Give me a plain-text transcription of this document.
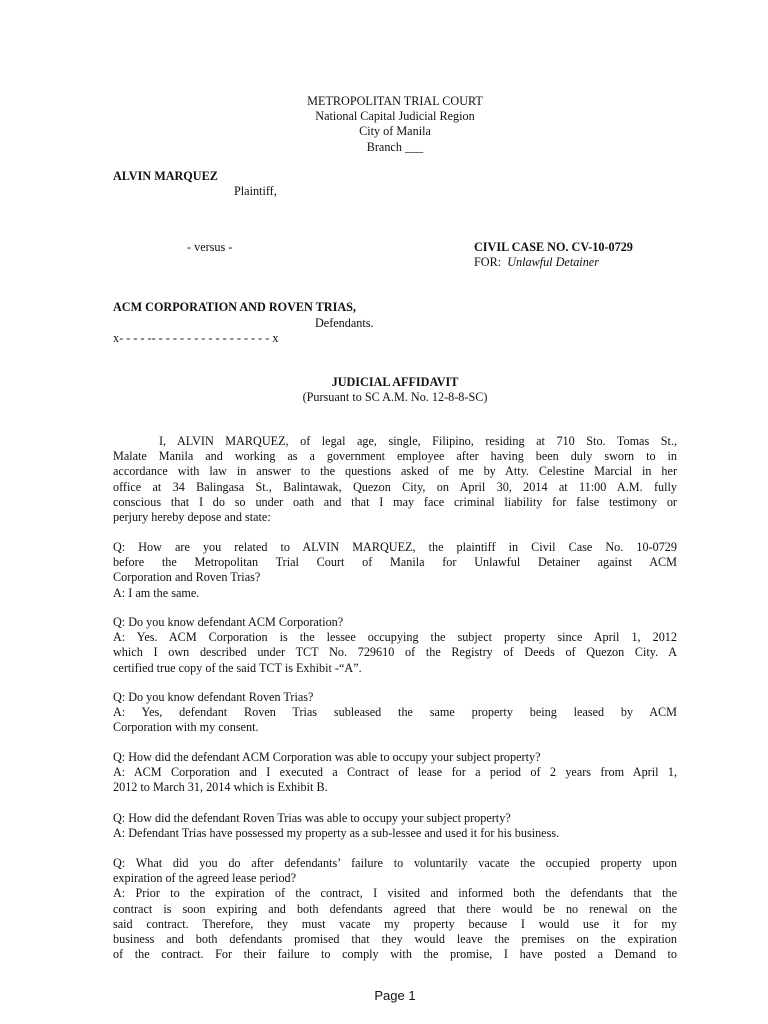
METROPOLITAN TRIAL COURT
National Capital Judicial Region
City of Manila
Branch ___
ALVIN MARQUEZ
Plaintiff,
- versus -	CIVIL CASE NO. CV-10-0729
FOR: Unlawful Detainer
ACM CORPORATION AND ROVEN TRIAS,
Defendants.
x- - - - -- - - - - - - - - - - - - - - - - x
JUDICIAL AFFIDAVIT
(Pursuant to SC A.M. No. 12-8-8-SC)
I, ALVIN MARQUEZ, of legal age, single, Filipino, residing at 710 Sto. Tomas St.,
Malate Manila and working as a government employee after having been duly sworn to in
accordance with law in answer to the questions asked of me by Atty. Celestine Marcial in her
office at 34 Balingasa St., Balintawak, Quezon City, on April 30, 2014 at 11:00 A.M. fully
conscious that I do so under oath and that I may face criminal liability for false testimony or
perjury hereby depose and state:
Q: How are you related to ALVIN MARQUEZ, the plaintiff in Civil Case No. 10-0729
before the Metropolitan Trial Court of Manila for Unlawful Detainer against ACM
Corporation and Roven Trias?
A: I am the same.
Q: Do you know defendant ACM Corporation?
A: Yes. ACM Corporation is the lessee occupying the subject property since April 1, 2012
which I own described under TCT No. 729610 of the Registry of Deeds of Quezon City. A
certified true copy of the said TCT is Exhibit -“A”.
Q: Do you know defendant Roven Trias?
A: Yes, defendant Roven Trias subleased the same property being leased by ACM
Corporation with my consent.
Q: How did the defendant ACM Corporation was able to occupy your subject property?
A: ACM Corporation and I executed a Contract of lease for a period of 2 years from April 1,
2012 to March 31, 2014 which is Exhibit B.
Q: How did the defendant Roven Trias was able to occupy your subject property?
A: Defendant Trias have possessed my property as a sub-lessee and used it for his business.
Q: What did you do after defendants’ failure to voluntarily vacate the occupied property upon
expiration of the agreed lease period?
A: Prior to the expiration of the contract, I visited and informed both the defendants that the
contract is soon expiring and both defendants agreed that there would be no renewal on the
said contract. Therefore, they must vacate my property because I would use it for my
business and both defendants promised that they would leave the premises on the expiration
of the contract. For their failure to comply with the promise, I have posted a Demand to
Page 1
